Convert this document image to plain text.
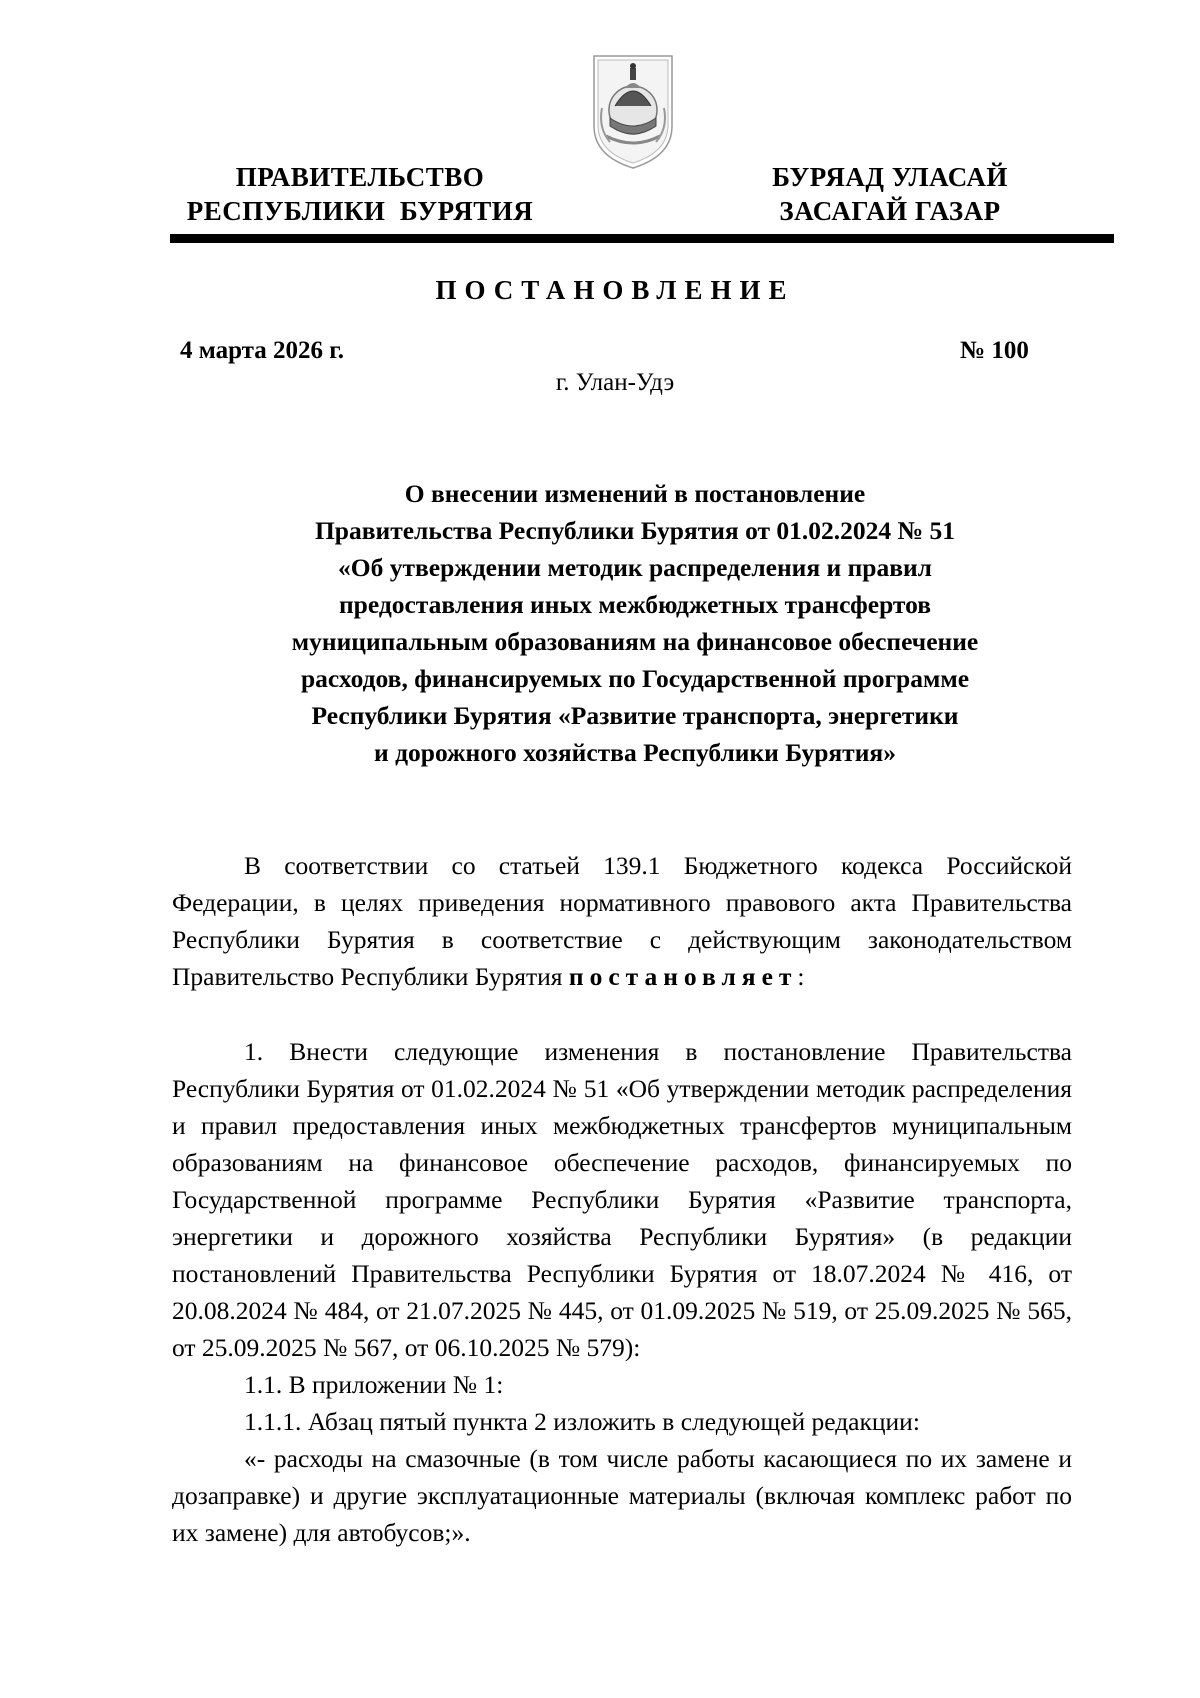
ПРАВИТЕЛЬСТВО
РЕСПУБЛИКИ  БУРЯТИЯ
БУРЯАД УЛАСАЙ
ЗАСАГАЙ ГАЗАР
ПОСТАНОВЛЕНИЕ
4 марта 2026 г.	№ 100
г. Улан-Удэ
О внесении изменений в постановление
Правительства Республики Бурятия от 01.02.2024 № 51
«Об утверждении методик распределения и правил
предоставления иных межбюджетных трансфертов
муниципальным образованиям на финансовое обеспечение
расходов, финансируемых по Государственной программе
Республики Бурятия «Развитие транспорта, энергетики
и дорожного хозяйства Республики Бурятия»

В соответствии со статьей 139.1 Бюджетного кодекса Российской Федерации, в целях приведения нормативного правового акта Правительства Республики Бурятия в соответствие с действующим законодательством Правительство Республики Бурятия постановляет:

1. Внести следующие изменения в постановление Правительства Республики Бурятия от 01.02.2024 № 51 «Об утверждении методик распределения и правил предоставления иных межбюджетных трансфертов муниципальным образованиям на финансовое обеспечение расходов, финансируемых по Государственной программе Республики Бурятия «Развитие транспорта, энергетики и дорожного хозяйства Республики Бурятия» (в редакции постановлений Правительства Республики Бурятия от 18.07.2024 № 416, от 20.08.2024 № 484, от 21.07.2025 № 445, от 01.09.2025 № 519, от 25.09.2025 № 565, от 25.09.2025 № 567, от 06.10.2025 № 579):

1.1. В приложении № 1:

1.1.1. Абзац пятый пункта 2 изложить в следующей редакции:

«- расходы на смазочные (в том числе работы касающиеся по их замене и дозаправке) и другие эксплуатационные материалы (включая комплекс работ по их замене) для автобусов;».
